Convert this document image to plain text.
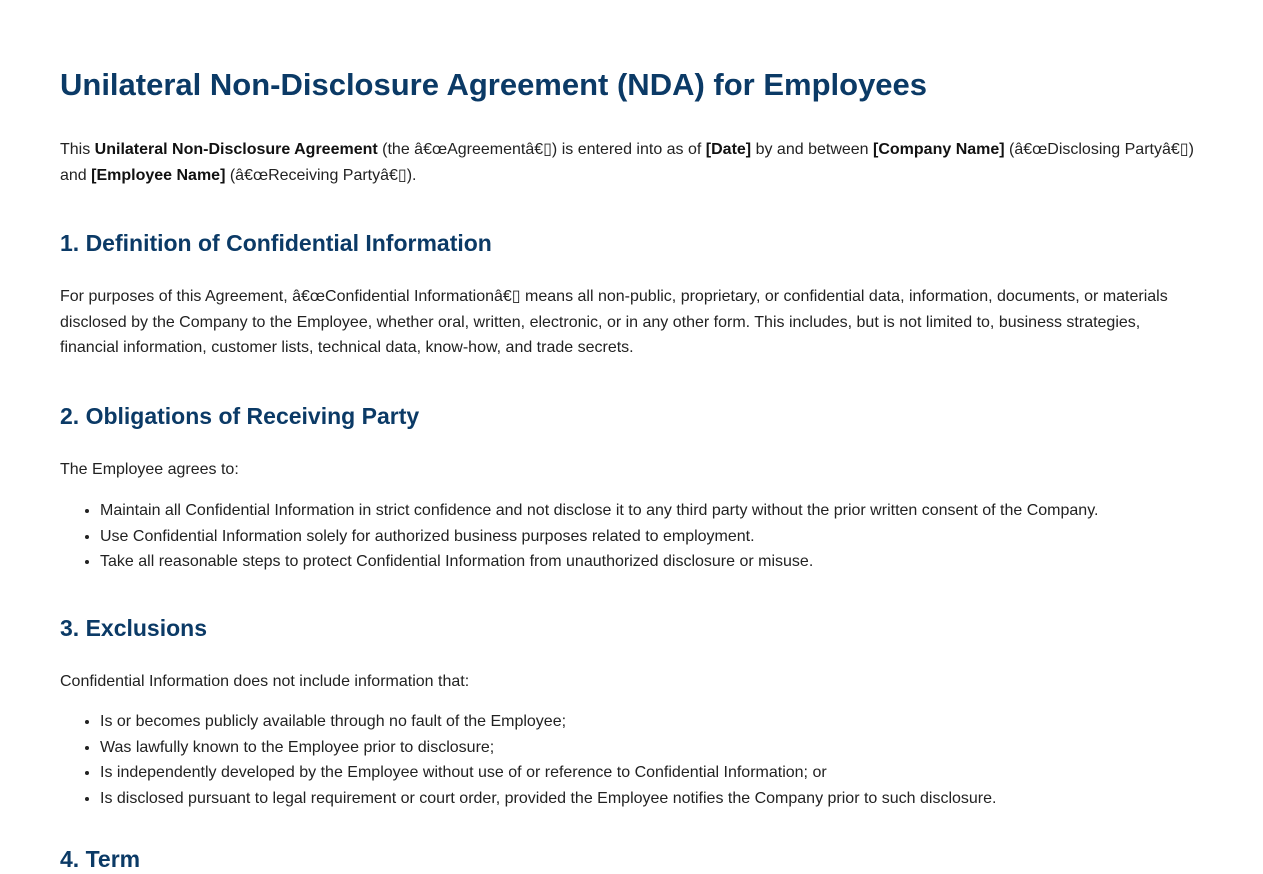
Unilateral Non-Disclosure Agreement (NDA) for Employees

This Unilateral Non-Disclosure Agreement (the â€œAgreementâ€▯) is entered into as of [Date] by and between [Company Name] (â€œDisclosing Partyâ€▯) and [Employee Name] (â€œReceiving Partyâ€▯).

1. Definition of Confidential Information

For purposes of this Agreement, â€œConfidential Informationâ€▯ means all non-public, proprietary, or confidential data, information, documents, or materials disclosed by the Company to the Employee, whether oral, written, electronic, or in any other form. This includes, but is not limited to, business strategies, financial information, customer lists, technical data, know-how, and trade secrets.

2. Obligations of Receiving Party

The Employee agrees to:

• Maintain all Confidential Information in strict confidence and not disclose it to any third party without the prior written consent of the Company.
• Use Confidential Information solely for authorized business purposes related to employment.
• Take all reasonable steps to protect Confidential Information from unauthorized disclosure or misuse.
3. Exclusions

Confidential Information does not include information that:

• Is or becomes publicly available through no fault of the Employee;
• Was lawfully known to the Employee prior to disclosure;
• Is independently developed by the Employee without use of or reference to Confidential Information; or
• Is disclosed pursuant to legal requirement or court order, provided the Employee notifies the Company prior to such disclosure.
4. Term
